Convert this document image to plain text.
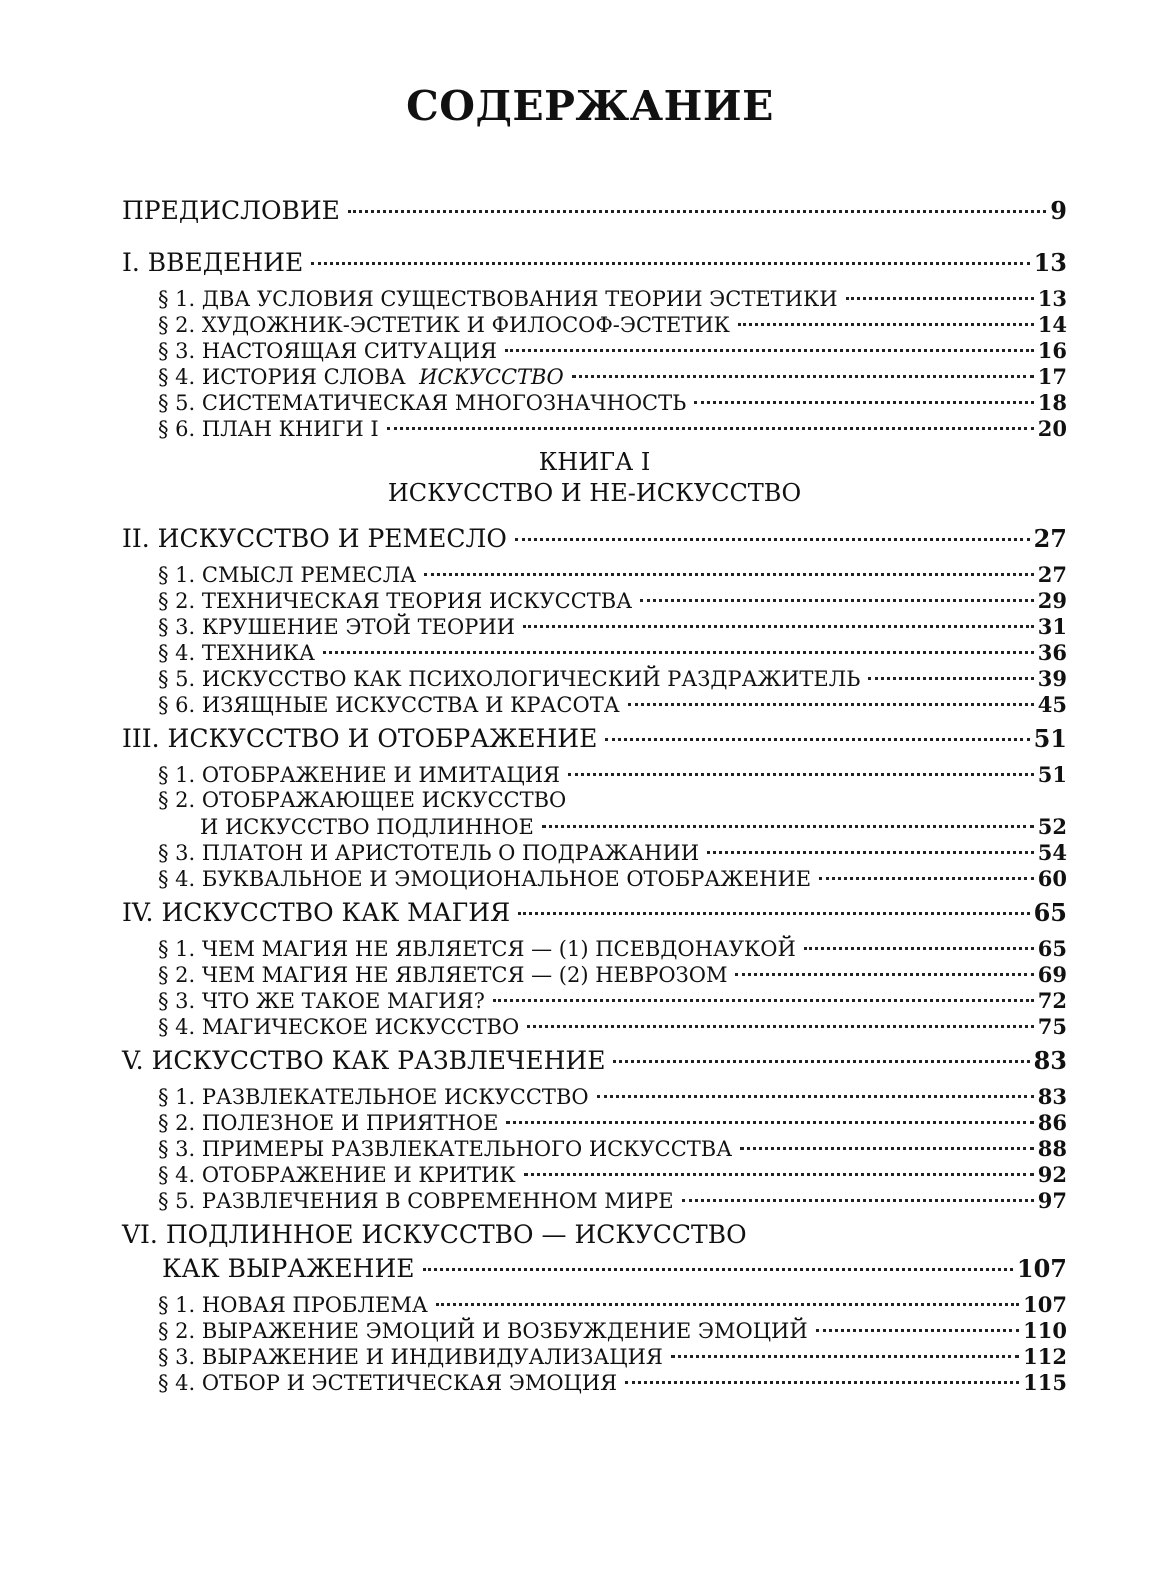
СОДЕРЖАНИЕ
ПРЕДИСЛОВИЕ	9
I. ВВЕДЕНИЕ	13
§ 1. ДВА УСЛОВИЯ СУЩЕСТВОВАНИЯ ТЕОРИИ ЭСТЕТИКИ	13
§ 2. ХУДОЖНИК-ЭСТЕТИК И ФИЛОСОФ-ЭСТЕТИК	14
§ 3. НАСТОЯЩАЯ СИТУАЦИЯ	16
§ 4. ИСТОРИЯ СЛОВА ИСКУССТВО	17
§ 5. СИСТЕМАТИЧЕСКАЯ МНОГОЗНАЧНОСТЬ	18
§ 6. ПЛАН КНИГИ I	20
КНИГА I
ИСКУССТВО И НЕ-ИСКУССТВО
II. ИСКУССТВО И РЕМЕСЛО	27
§ 1. СМЫСЛ РЕМЕСЛА	27
§ 2. ТЕХНИЧЕСКАЯ ТЕОРИЯ ИСКУССТВА	29
§ 3. КРУШЕНИЕ ЭТОЙ ТЕОРИИ	31
§ 4. ТЕХНИКА	36
§ 5. ИСКУССТВО КАК ПСИХОЛОГИЧЕСКИЙ РАЗДРАЖИТЕЛЬ	39
§ 6. ИЗЯЩНЫЕ ИСКУССТВА И КРАСОТА	45
III. ИСКУССТВО И ОТОБРАЖЕНИЕ	51
§ 1. ОТОБРАЖЕНИЕ И ИМИТАЦИЯ	51
§ 2. ОТОБРАЖАЮЩЕЕ ИСКУССТВО
И ИСКУССТВО ПОДЛИННОЕ	52
§ 3. ПЛАТОН И АРИСТОТЕЛЬ О ПОДРАЖАНИИ	54
§ 4. БУКВАЛЬНОЕ И ЭМОЦИОНАЛЬНОЕ ОТОБРАЖЕНИЕ	60
IV. ИСКУССТВО КАК МАГИЯ	65
§ 1. ЧЕМ МАГИЯ НЕ ЯВЛЯЕТСЯ — (1) ПСЕВДОНАУКОЙ	65
§ 2. ЧЕМ МАГИЯ НЕ ЯВЛЯЕТСЯ — (2) НЕВРОЗОМ	69
§ 3. ЧТО ЖЕ ТАКОЕ МАГИЯ?	72
§ 4. МАГИЧЕСКОЕ ИСКУССТВО	75
V. ИСКУССТВО КАК РАЗВЛЕЧЕНИЕ	83
§ 1. РАЗВЛЕКАТЕЛЬНОЕ ИСКУССТВО	83
§ 2. ПОЛЕЗНОЕ И ПРИЯТНОЕ	86
§ 3. ПРИМЕРЫ РАЗВЛЕКАТЕЛЬНОГО ИСКУССТВА	88
§ 4. ОТОБРАЖЕНИЕ И КРИТИК	92
§ 5. РАЗВЛЕЧЕНИЯ В СОВРЕМЕННОМ МИРЕ	97
VI. ПОДЛИННОЕ ИСКУССТВО — ИСКУССТВО
КАК ВЫРАЖЕНИЕ	107
§ 1. НОВАЯ ПРОБЛЕМА	107
§ 2. ВЫРАЖЕНИЕ ЭМОЦИЙ И ВОЗБУЖДЕНИЕ ЭМОЦИЙ	110
§ 3. ВЫРАЖЕНИЕ И ИНДИВИДУАЛИЗАЦИЯ	112
§ 4. ОТБОР И ЭСТЕТИЧЕСКАЯ ЭМОЦИЯ	115
